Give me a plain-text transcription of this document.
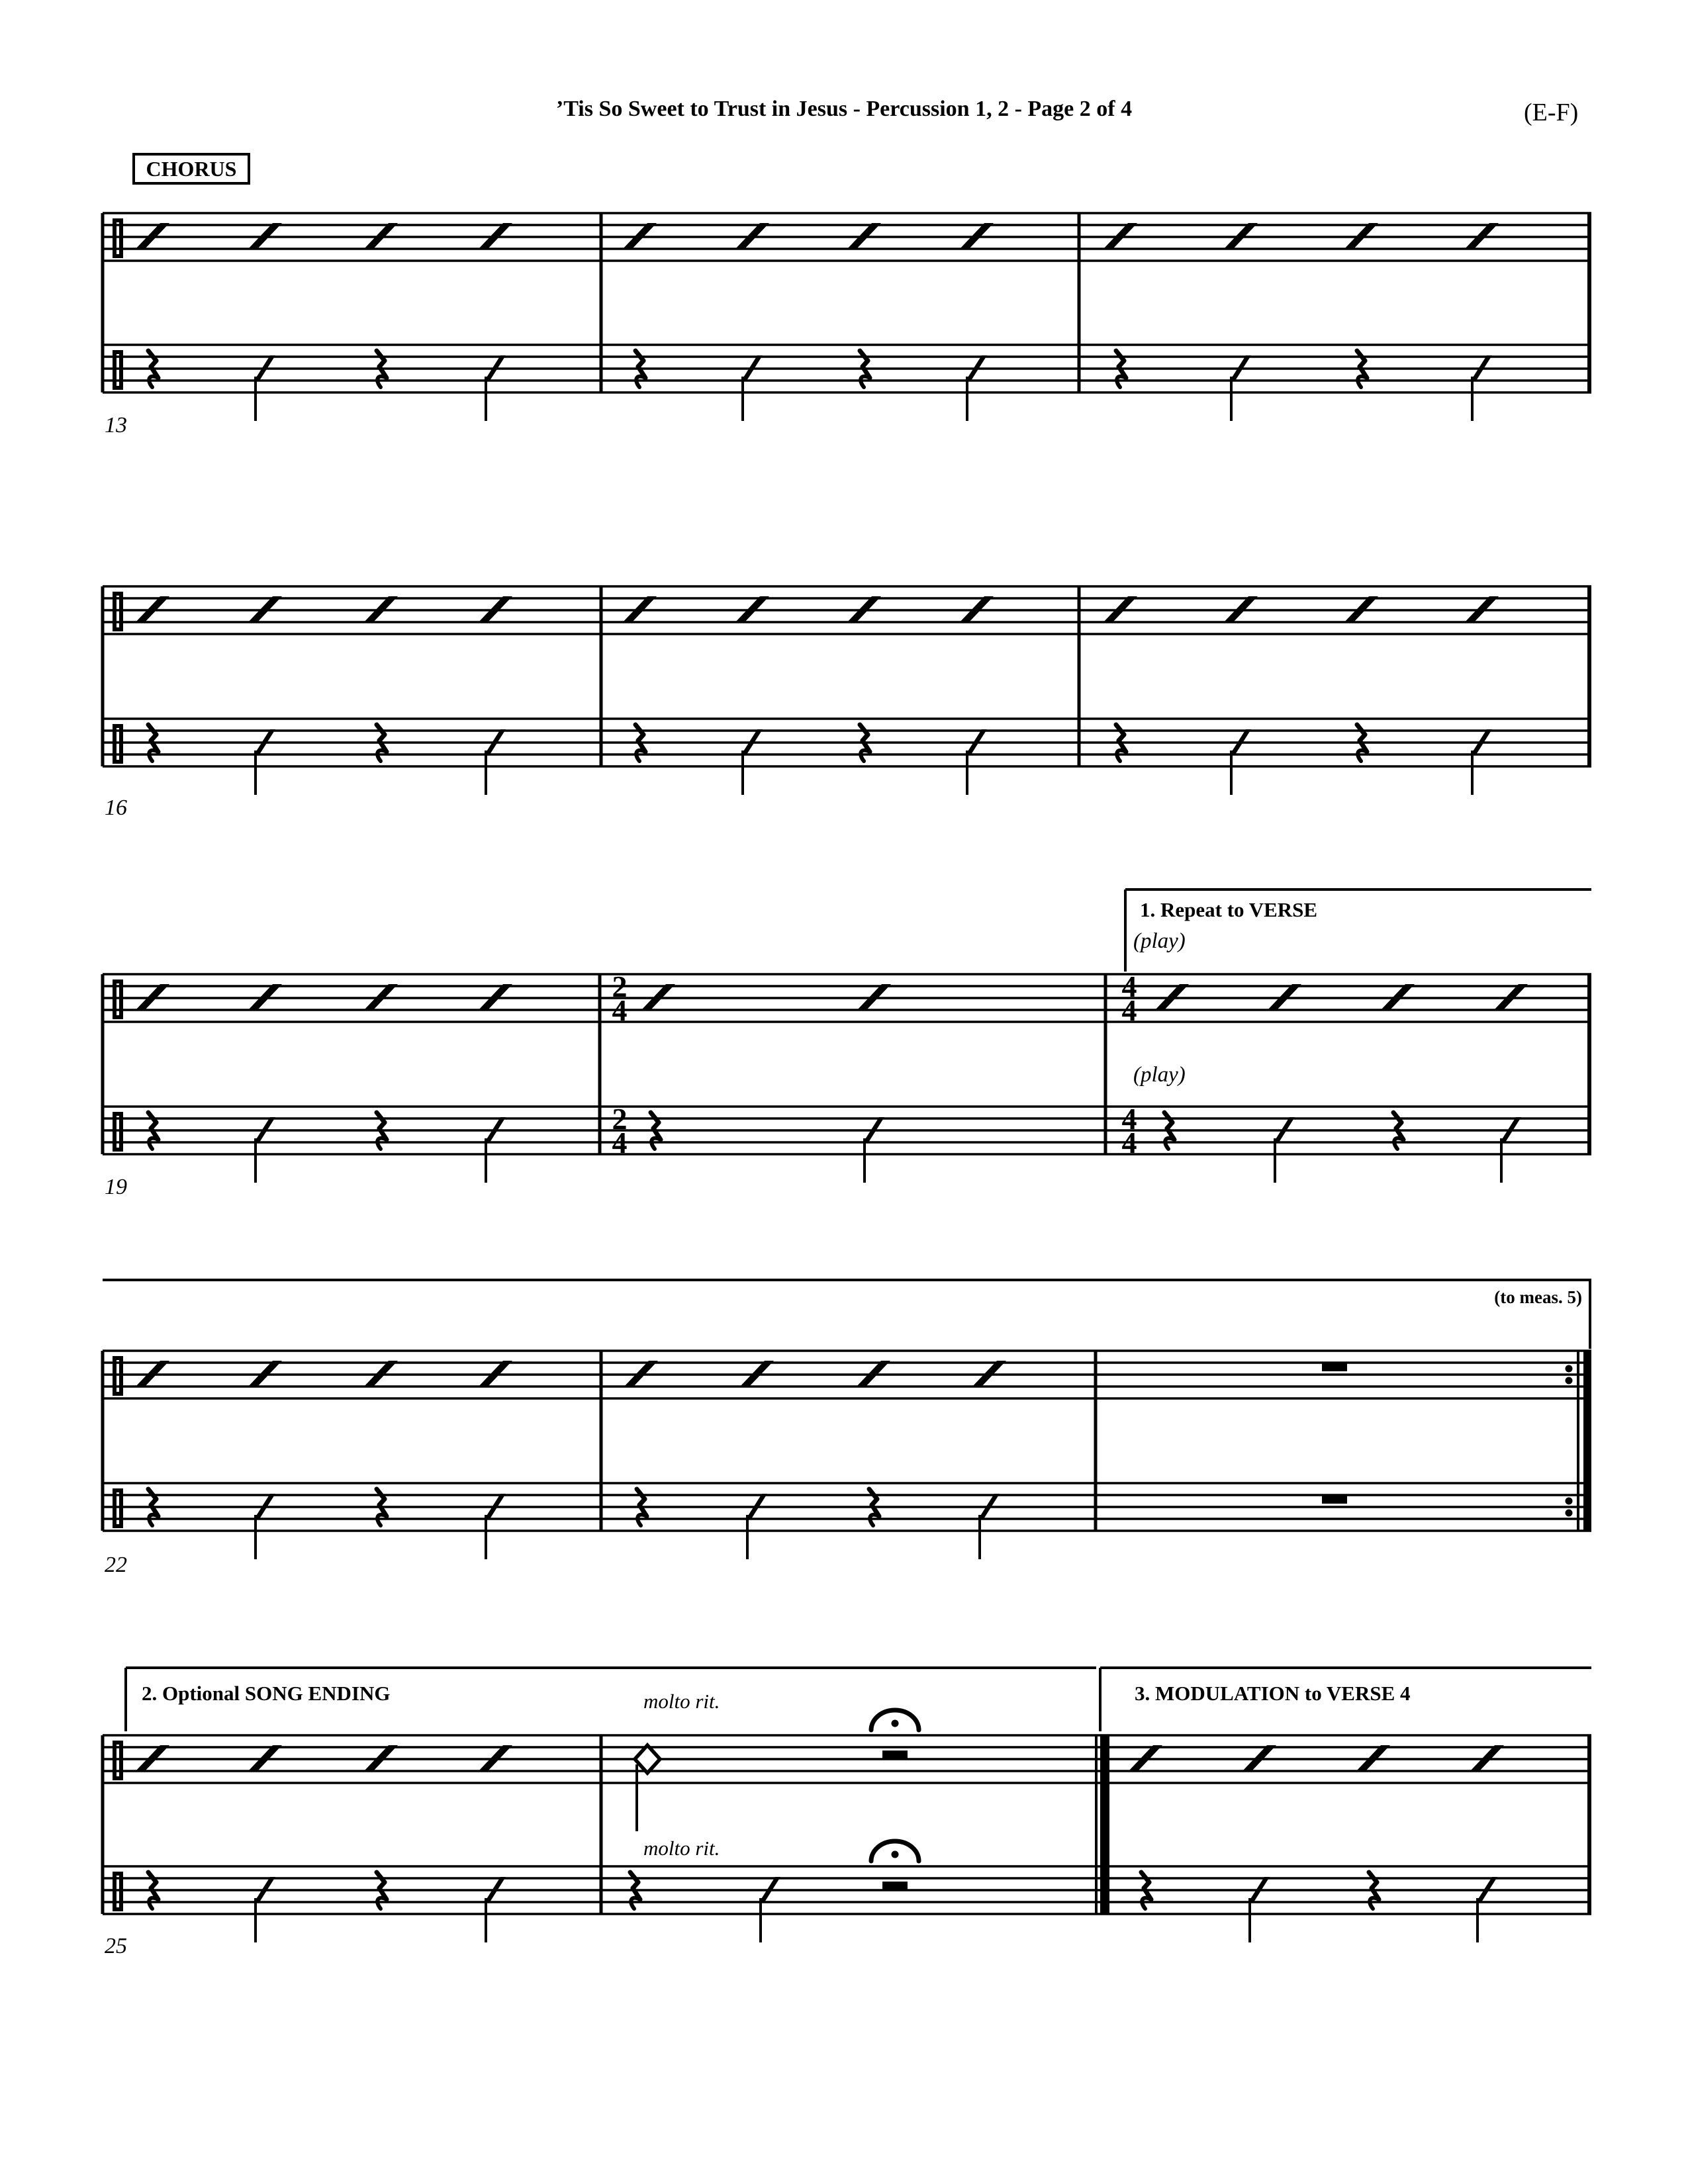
2
4
2
4
4
4
4
4
’Tis So Sweet to Trust in Jesus - Percussion 1, 2 - Page 2 of 4	(E-F)
CHORUS
1. Repeat to VERSE
(play)
(play)
(to meas. 5)
2. Optional SONG ENDING	molto rit.
molto rit.
3. MODULATION to VERSE 4
13
16
19
22
25
